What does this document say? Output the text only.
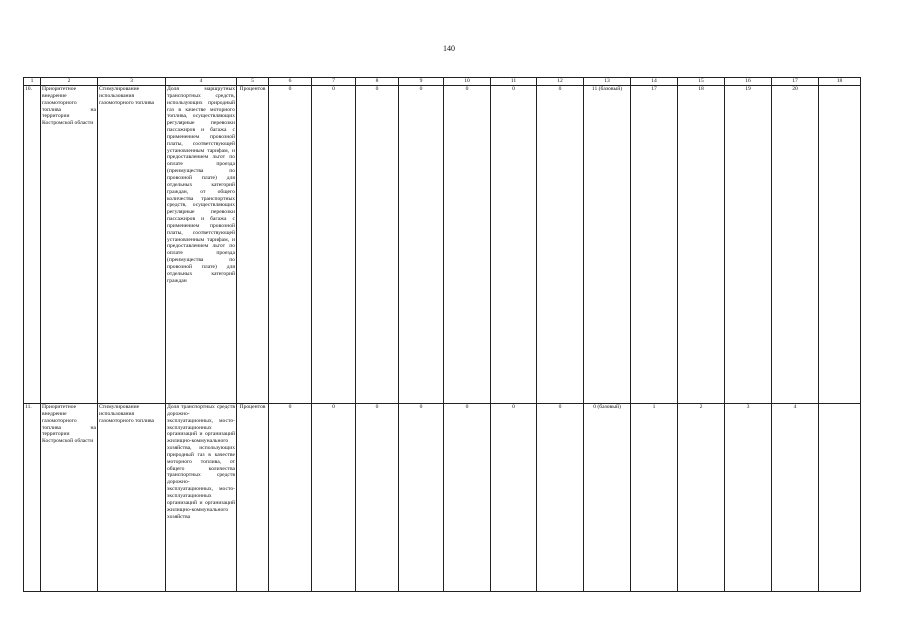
140
1	2	3	4	5	6	7	8	9	10	11	12	13	14	15	16	17	18
10.	Приоритетное внедрение газомоторного топлива на территории Костромской области	Стимулирование использования газомоторного топлива	Доля маршрутных транспортных средств, использующих природный газ в качестве моторного топлива, осуществляющих регулярные перевозки пассажиров и багажа с применением провозной платы, соответствующей установленным тарифам, и предоставлением льгот по оплате проезда (преимущества по провозной плате) для отдельных категорий граждан, от общего количества транспортных средств, осуществляющих регулярные перевозки пассажиров и багажа с применением провозной платы, соответствующей установленным тарифам, и предоставлением льгот по оплате проезда (преимущества по провозной плате) для отдельных категорий граждан	Процентов	0	0	0	0	0	0	0	11 (базовый)	17	18	19	20	
11.	Приоритетное внедрение газомоторного топлива на территории Костромской области	Стимулирование использования газомоторного топлива	Доля транспортных средств дорожно-эксплуатационных, мосто-эксплуатационных организаций и организаций жилищно-коммунального хозяйства, использующих природный газ в качестве моторного топлива, от общего количества транспортных средств дорожно-эксплуатационных, мосто-эксплуатационных организаций и организаций жилищно-коммунального хозяйства	Процентов	0	0	0	0	0	0	0	0 (базовый)	1	2	3	4	
